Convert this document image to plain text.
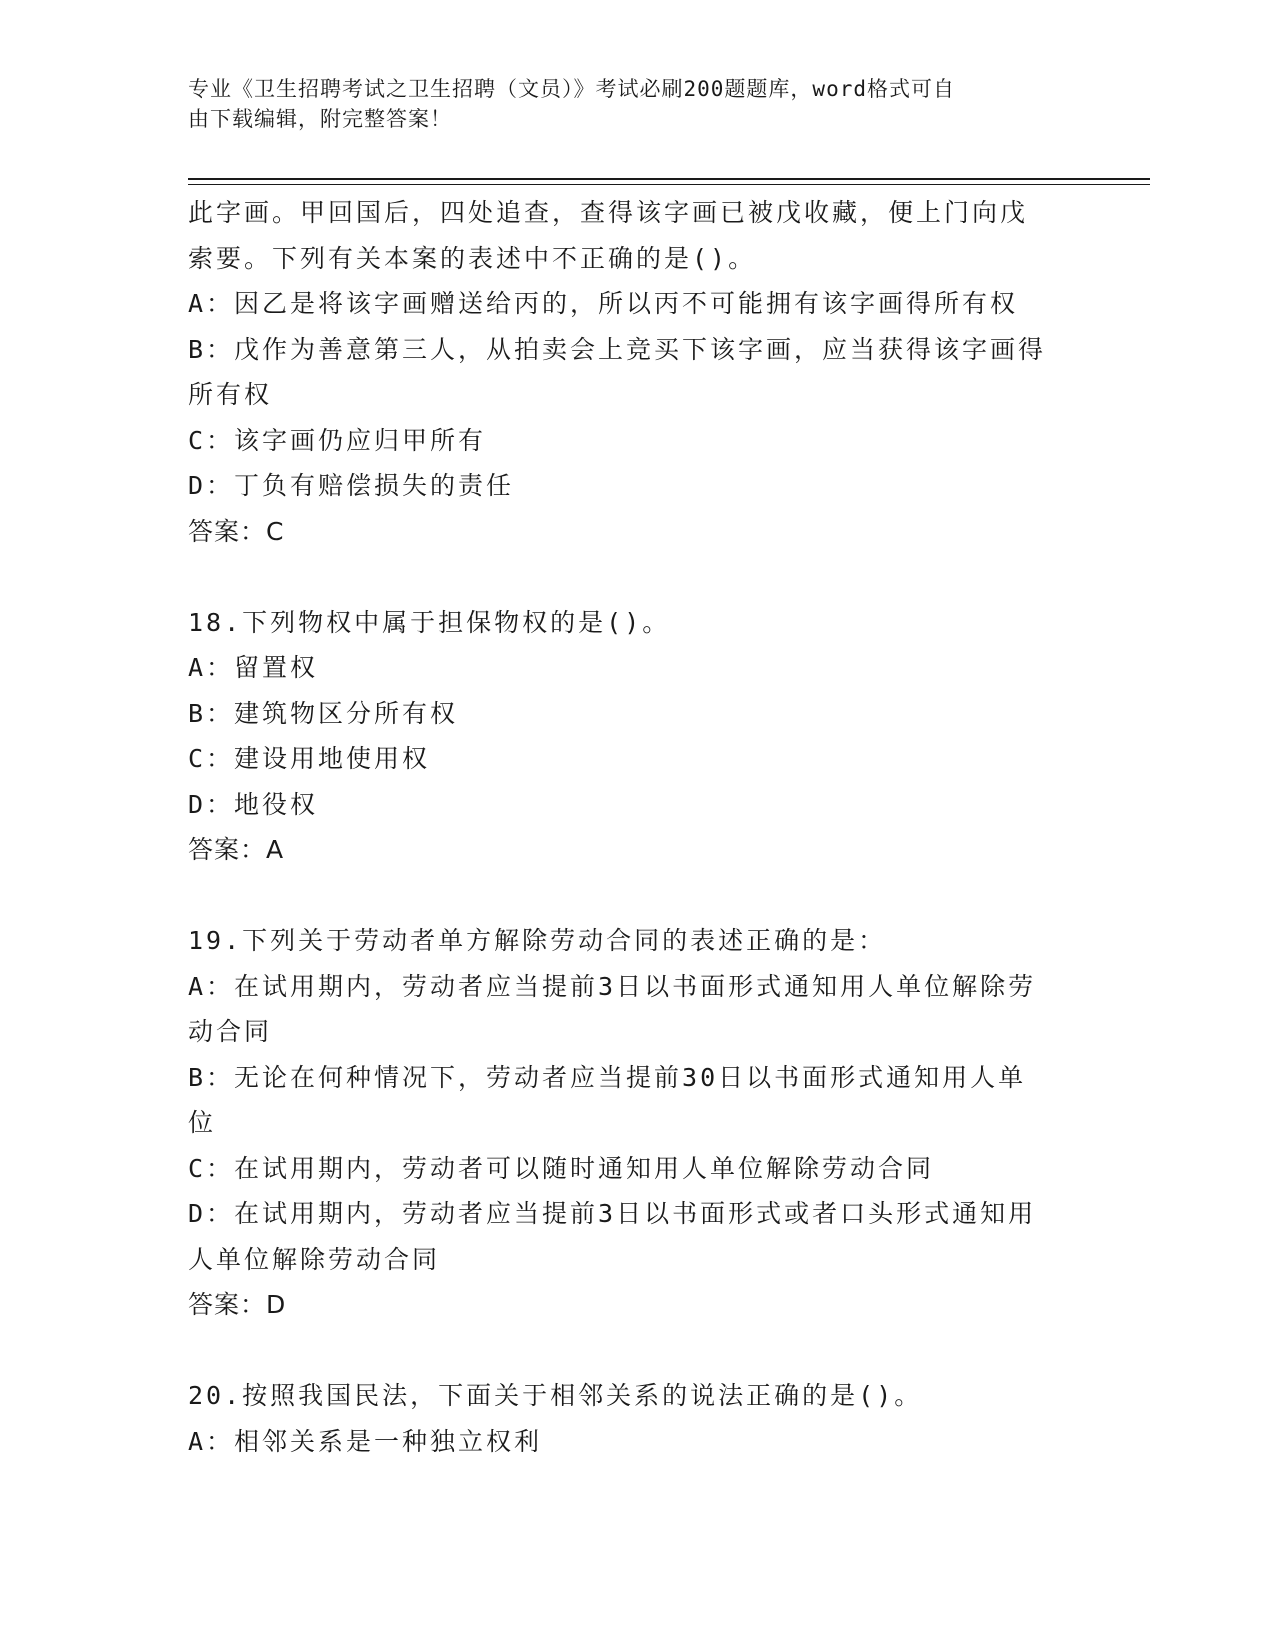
专业《卫生招聘考试之卫生招聘（文员）》考试必刷200题题库，word格式可自
由下载编辑，附完整答案！
此字画。甲回国后，四处追查，查得该字画已被戊收藏，便上门向戊
索要。下列有关本案的表述中不正确的是()。
A：因乙是将该字画赠送给丙的，所以丙不可能拥有该字画得所有权
B：戊作为善意第三人，从拍卖会上竞买下该字画，应当获得该字画得
所有权
C：该字画仍应归甲所有
D：丁负有赔偿损失的责任
答案：C
18.下列物权中属于担保物权的是()。
A：留置权
B：建筑物区分所有权
C：建设用地使用权
D：地役权
答案：A
19.下列关于劳动者单方解除劳动合同的表述正确的是：
A：在试用期内，劳动者应当提前3日以书面形式通知用人单位解除劳
动合同
B：无论在何种情况下，劳动者应当提前30日以书面形式通知用人单
位
C：在试用期内，劳动者可以随时通知用人单位解除劳动合同
D：在试用期内，劳动者应当提前3日以书面形式或者口头形式通知用
人单位解除劳动合同
答案：D
20.按照我国民法，下面关于相邻关系的说法正确的是()。
A：相邻关系是一种独立权利
